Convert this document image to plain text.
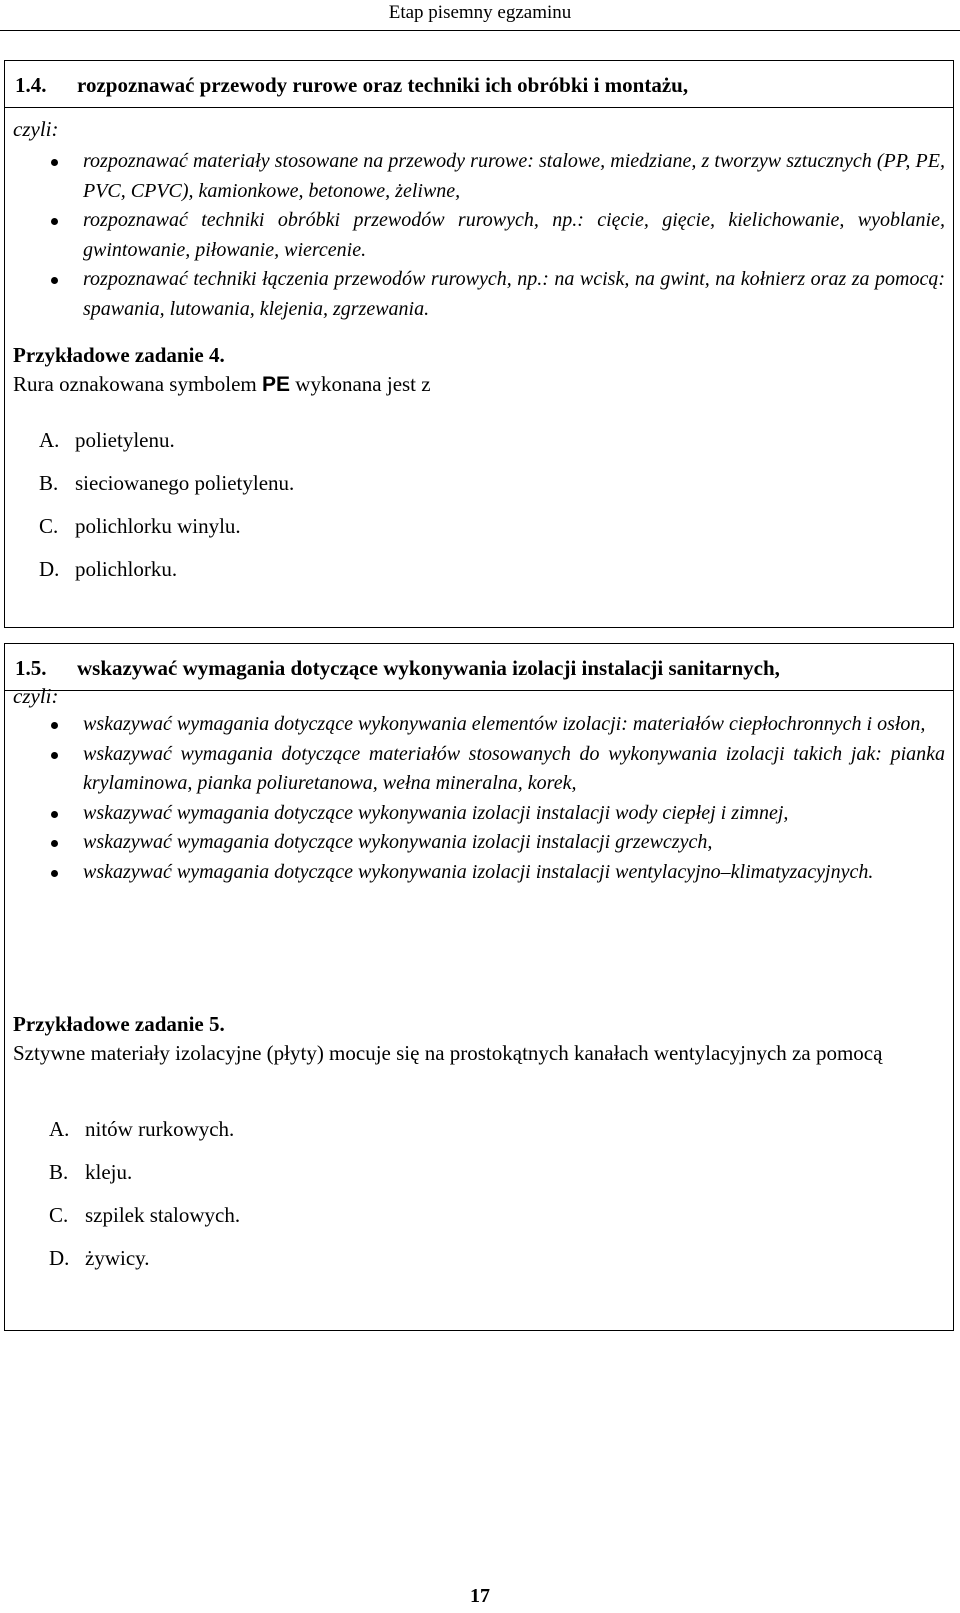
Etap pisemny egzaminu
1.4. rozpoznawać przewody rurowe oraz techniki ich obróbki i montażu,
czyli:
rozpoznawać materiały stosowane na przewody rurowe: stalowe, miedziane, z tworzyw sztucznych (PP, PE, PVC, CPVC), kamionkowe, betonowe, żeliwne,
rozpoznawać techniki obróbki przewodów rurowych, np.: cięcie, gięcie, kielichowanie, wyoblanie, gwintowanie, piłowanie, wiercenie.
rozpoznawać techniki łączenia przewodów rurowych, np.: na wcisk, na gwint, na kołnierz oraz za pomocą: spawania, lutowania, klejenia, zgrzewania.
Przykładowe zadanie 4.
Rura oznakowana symbolem PE wykonana jest z
A. polietylenu.
B. sieciowanego polietylenu.
C. polichlorku winylu.
D. polichlorku.
1.5. wskazywać wymagania dotyczące wykonywania izolacji instalacji sanitarnych,
czyli:
wskazywać wymagania dotyczące wykonywania elementów izolacji: materiałów ciepłochronnych i osłon,
wskazywać wymagania dotyczące materiałów stosowanych do wykonywania izolacji takich jak: pianka krylaminowa, pianka poliuretanowa, wełna mineralna, korek,
wskazywać wymagania dotyczące wykonywania izolacji instalacji wody ciepłej i zimnej,
wskazywać wymagania dotyczące wykonywania izolacji instalacji grzewczych,
wskazywać wymagania dotyczące wykonywania izolacji instalacji wentylacyjno–klimatyzacyjnych.
Przykładowe zadanie 5.
Sztywne materiały izolacyjne (płyty) mocuje się na prostokątnych kanałach wentylacyjnych za pomocą
A. nitów rurkowych.
B. kleju.
C. szpilek stalowych.
D. żywicy.
17
